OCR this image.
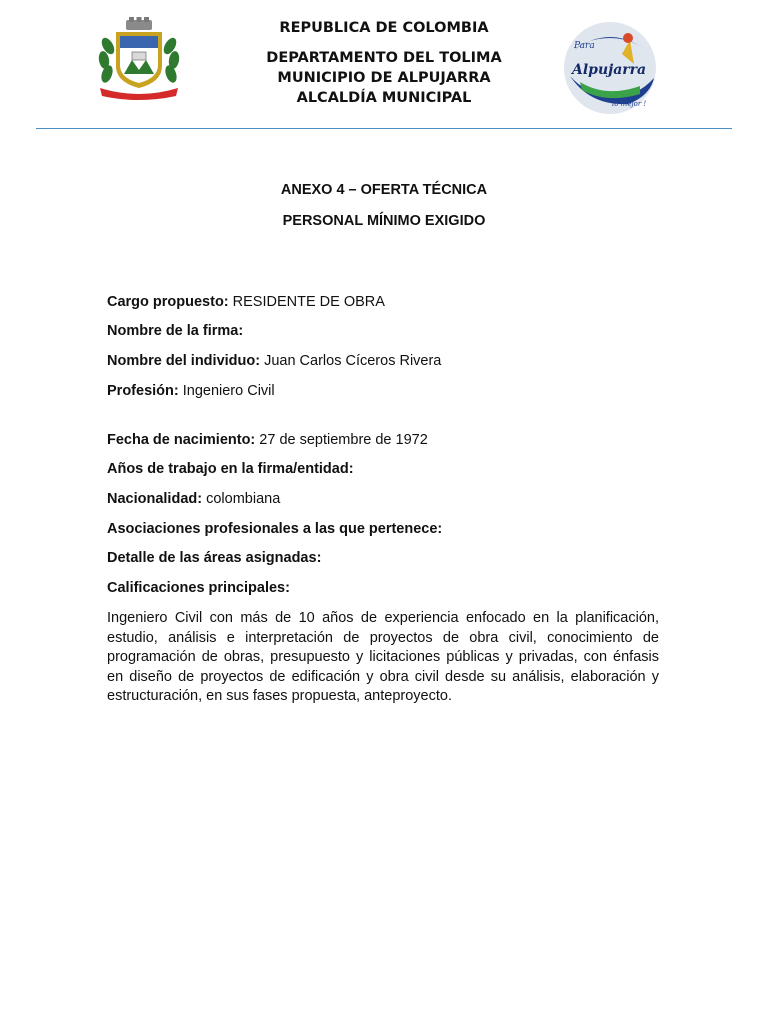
REPUBLICA DE COLOMBIA
DEPARTAMENTO DEL TOLIMA
MUNICIPIO DE ALPUJARRA
ALCALDÍA MUNICIPAL
Para
Alpujarra
lo mejor !
ANEXO 4 – OFERTA TÉCNICA
PERSONAL MÍNIMO EXIGIDO
Cargo propuesto: RESIDENTE DE OBRA
Nombre de la firma:
Nombre del individuo: Juan Carlos Cíceros Rivera
Profesión: Ingeniero Civil
Fecha de nacimiento: 27 de septiembre de 1972
Años de trabajo en la firma/entidad:
Nacionalidad: colombiana
Asociaciones profesionales a las que pertenece:
Detalle de las áreas asignadas:
Calificaciones principales:
Ingeniero Civil con más de 10 años de experiencia enfocado en la planificación, estudio, análisis e interpretación de proyectos de obra civil, conocimiento de programación de obras, presupuesto y licitaciones públicas y privadas, con énfasis en diseño de proyectos de edificación y obra civil desde su análisis, elaboración y estructuración, en sus fases propuesta, anteproyecto.
